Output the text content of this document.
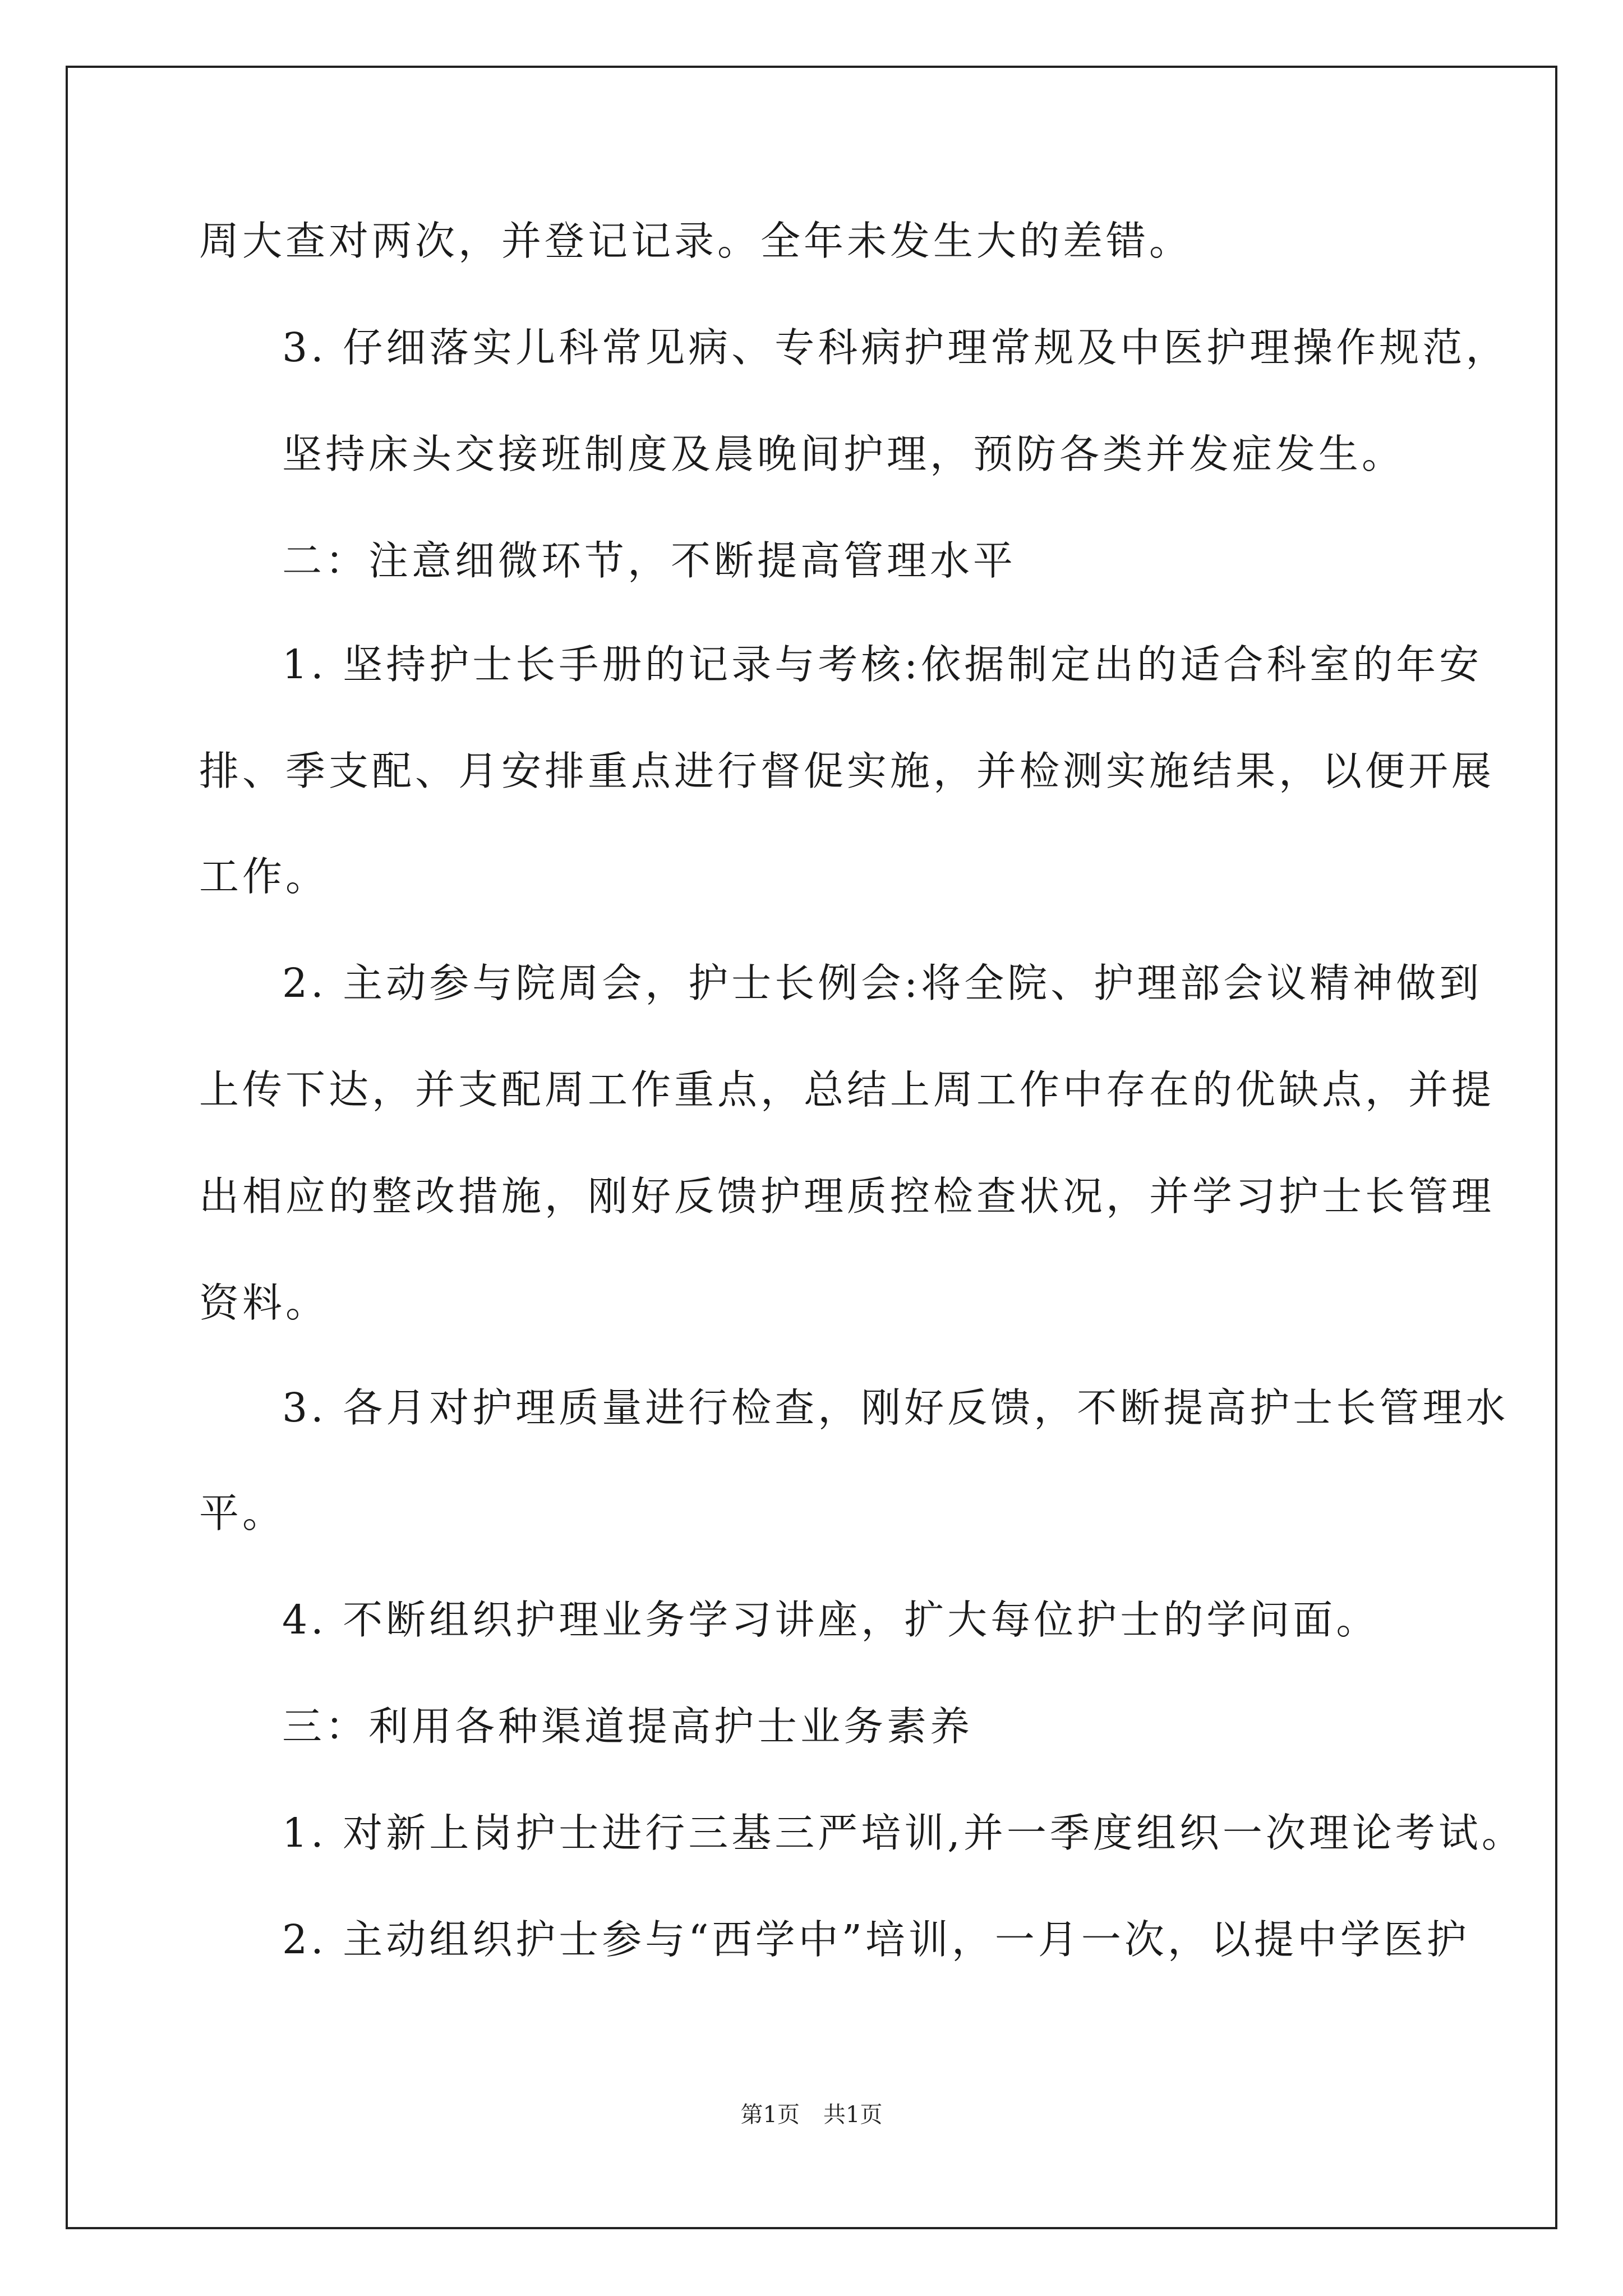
周大查对两次，并登记记录。全年未发生大的差错。
3. 仔细落实儿科常见病、专科病护理常规及中医护理操作规范，
坚持床头交接班制度及晨晚间护理，预防各类并发症发生。
二：注意细微环节，不断提高管理水平
1. 坚持护士长手册的记录与考核:依据制定出的适合科室的年安
排、季支配、月安排重点进行督促实施，并检测实施结果，以便开展
工作。
2. 主动参与院周会，护士长例会:将全院、护理部会议精神做到
上传下达，并支配周工作重点，总结上周工作中存在的优缺点，并提
出相应的整改措施，刚好反馈护理质控检查状况，并学习护士长管理
资料。
3. 各月对护理质量进行检查，刚好反馈，不断提高护士长管理水
平。
4. 不断组织护理业务学习讲座，扩大每位护士的学问面。
三：利用各种渠道提高护士业务素养
1. 对新上岗护士进行三基三严培训,并一季度组织一次理论考试。
2. 主动组织护士参与“西学中”培训，一月一次，以提中学医护
第1页 共1页
